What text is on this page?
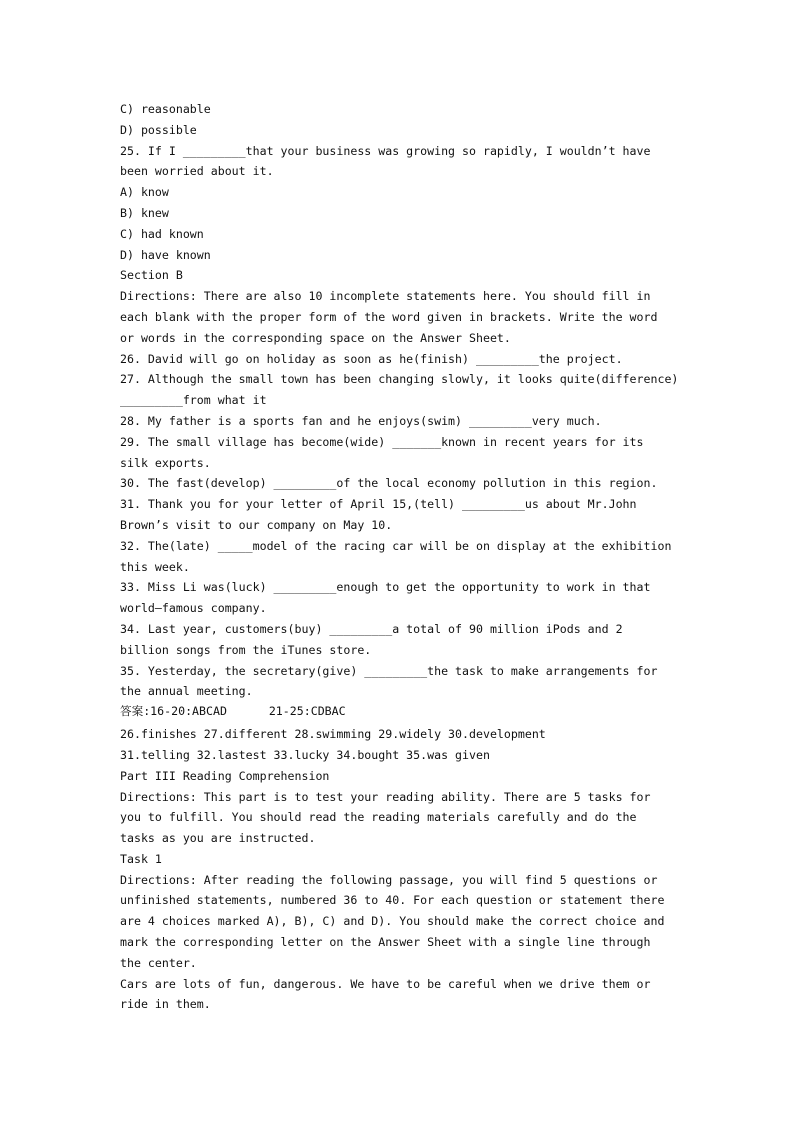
C) reasonable
D) possible
25. If I _________that your business was growing so rapidly, I wouldn’t have
been worried about it.
A) know
B) knew
C) had known
D) have known
Section B
Directions: There are also 10 incomplete statements here. You should fill in
each blank with the proper form of the word given in brackets. Write the word
or words in the corresponding space on the Answer Sheet.
26. David will go on holiday as soon as he(finish) _________the project.
27. Although the small town has been changing slowly, it looks quite(difference)
_________from what it
28. My father is a sports fan and he enjoys(swim) _________very much.
29. The small village has become(wide) _______known in recent years for its
silk exports.
30. The fast(develop) _________of the local economy pollution in this region.
31. Thank you for your letter of April 15,(tell) _________us about Mr.John
Brown’s visit to our company on May 10.
32. The(late) _____model of the racing car will be on display at the exhibition
this week.
33. Miss Li was(luck) _________enough to get the opportunity to work in that
world—famous company.
34. Last year, customers(buy) _________a total of 90 million iPods and 2
billion songs from the iTunes store.
35. Yesterday, the secretary(give) _________the task to make arrangements for
the annual meeting.
答案:16-20:ABCAD      21-25:CDBAC
26.finishes 27.different 28.swimming 29.widely 30.development
31.telling 32.lastest 33.lucky 34.bought 35.was given
Part III Reading Comprehension
Directions: This part is to test your reading ability. There are 5 tasks for
you to fulfill. You should read the reading materials carefully and do the
tasks as you are instructed.
Task 1
Directions: After reading the following passage, you will find 5 questions or
unfinished statements, numbered 36 to 40. For each question or statement there
are 4 choices marked A), B), C) and D). You should make the correct choice and
mark the corresponding letter on the Answer Sheet with a single line through
the center.
Cars are lots of fun, dangerous. We have to be careful when we drive them or
ride in them.
